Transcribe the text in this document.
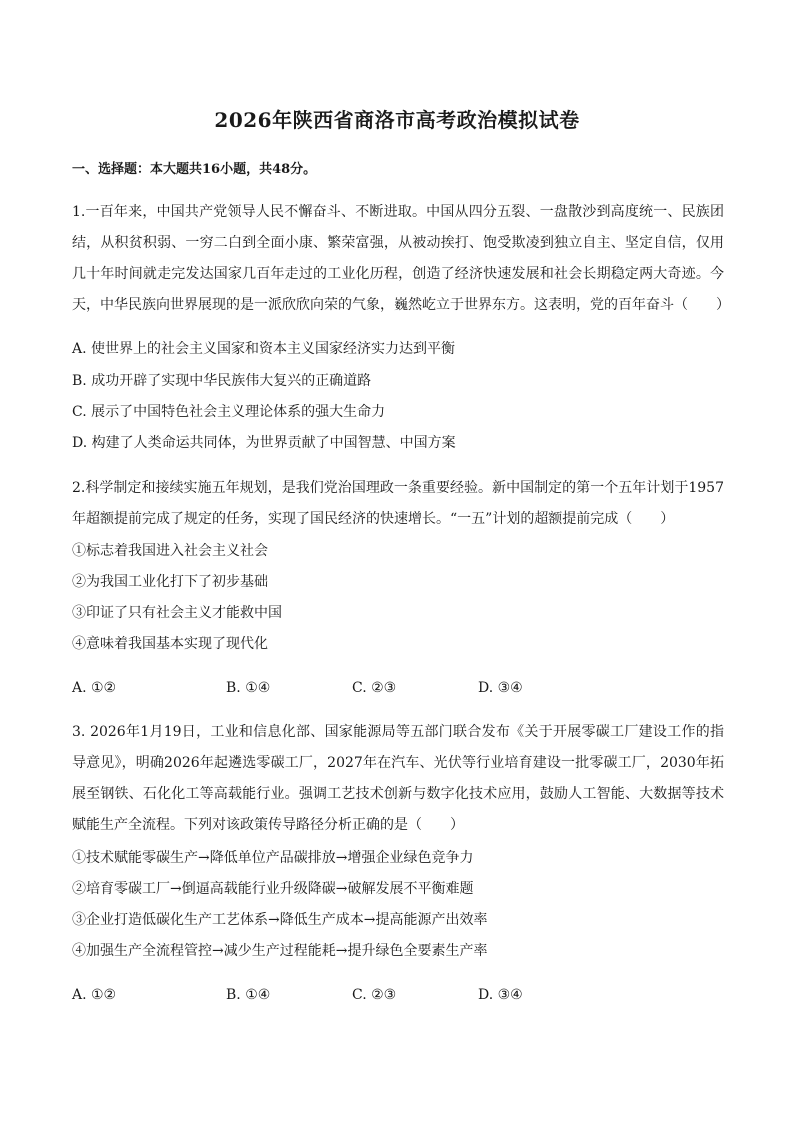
2026年陕西省商洛市高考政治模拟试卷
一、选择题：本大题共16小题，共48分。

1.一百年来，中国共产党领导人民不懈奋斗、不断进取。中国从四分五裂、一盘散沙到高度统一、民族团结，从积贫积弱、一穷二白到全面小康、繁荣富强，从被动挨打、饱受欺凌到独立自主、坚定自信，仅用几十年时间就走完发达国家几百年走过的工业化历程，创造了经济快速发展和社会长期稳定两大奇迹。今天，中华民族向世界展现的是一派欣欣向荣的气象，巍然屹立于世界东方。这表明，党的百年奋斗（　　）

A. 使世界上的社会主义国家和资本主义国家经济实力达到平衡
B. 成功开辟了实现中华民族伟大复兴的正确道路
C. 展示了中国特色社会主义理论体系的强大生命力
D. 构建了人类命运共同体，为世界贡献了中国智慧、中国方案

2.科学制定和接续实施五年规划，是我们党治国理政一条重要经验。新中国制定的第一个五年计划于1957年超额提前完成了规定的任务，实现了国民经济的快速增长。“一五”计划的超额提前完成（　　）

①标志着我国进入社会主义社会
②为我国工业化打下了初步基础
③印证了只有社会主义才能救中国
④意味着我国基本实现了现代化
A. ①②	B. ①④	C. ②③	D. ③④

3. 2026年1月19日，工业和信息化部、国家能源局等五部门联合发布《关于开展零碳工厂建设工作的指导意见》，明确2026年起遴选零碳工厂，2027年在汽车、光伏等行业培育建设一批零碳工厂，2030年拓展至钢铁、石化化工等高载能行业。强调工艺技术创新与数字化技术应用，鼓励人工智能、大数据等技术赋能生产全流程。下列对该政策传导路径分析正确的是（　　）

①技术赋能零碳生产→降低单位产品碳排放→增强企业绿色竞争力
②培育零碳工厂→倒逼高载能行业升级降碳→破解发展不平衡难题
③企业打造低碳化生产工艺体系→降低生产成本→提高能源产出效率
④加强生产全流程管控→减少生产过程能耗→提升绿色全要素生产率
A. ①②	B. ①④	C. ②③	D. ③④
